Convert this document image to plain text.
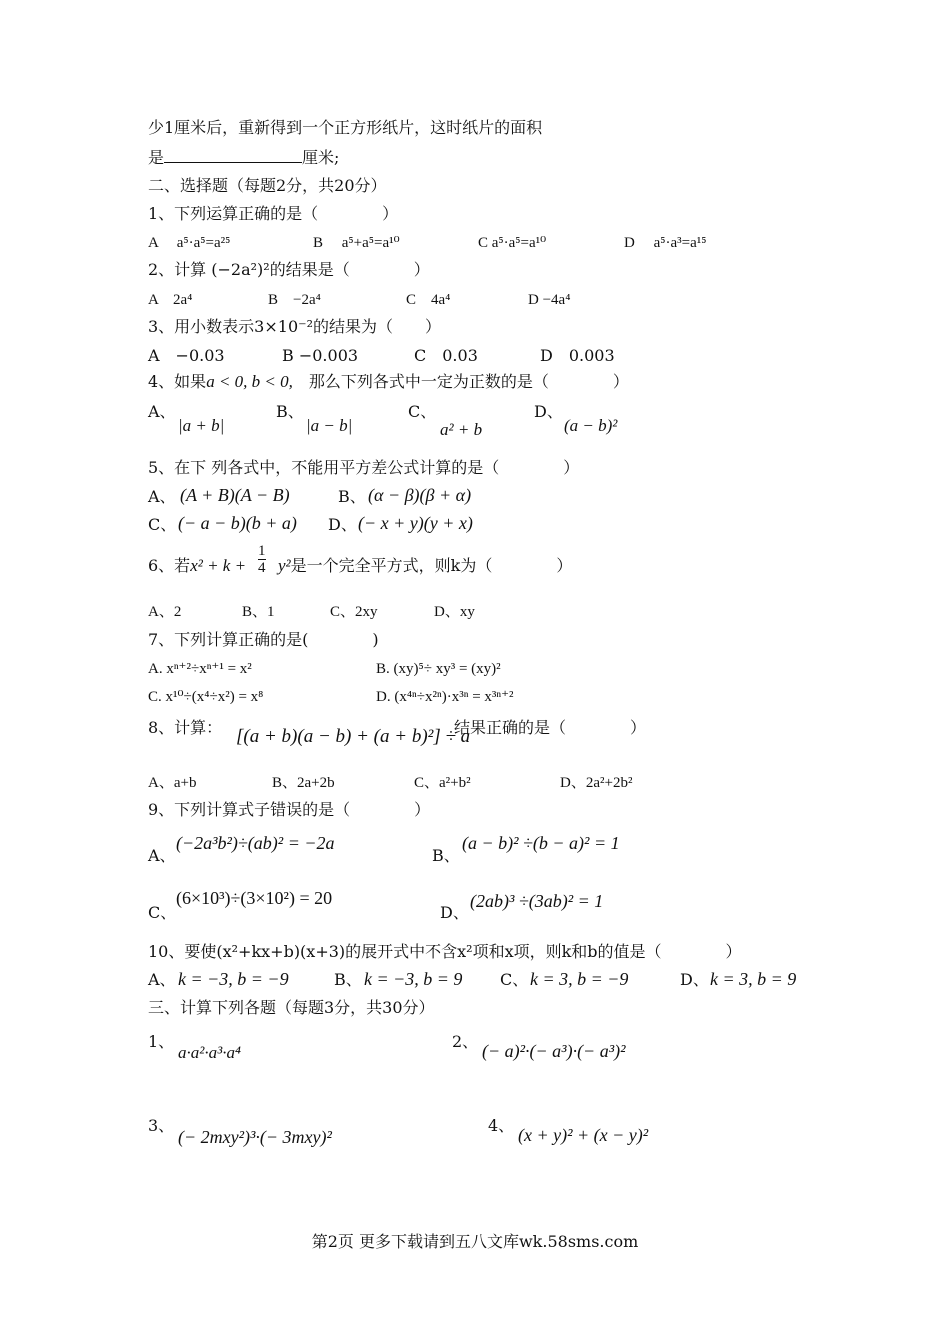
少1厘米后，重新得到一个正方形纸片，这时纸片的面积
是	厘米;
二、选择题（每题2分，共20分）
1、下列运算正确的是（　　　　）
A　 a⁵·a⁵=a²⁵	B　 a⁵+a⁵=a¹⁰	C a⁵·a⁵=a¹⁰	D　 a⁵·a³=a¹⁵
2、计算 (−2a²)²的结果是（　　　　）
A　2a⁴	B　−2a⁴	C　4a⁴	D −4a⁴
3、用小数表示3×10⁻²的结果为（　　）
A　−0.03	B −0.003	C　0.03	D　0.003
4、如果a < 0, b < 0,　那么下列各式中一定为正数的是（　　　　）
A、
|a + b|
B、
|a − b|
C、
a² + b
D、
(a − b)²
5、在下 列各式中，不能用平方差公式计算的是（　　　　）
A、 (A + B)(A − B)	B、 (α − β)(β + α)
C、 (− a − b)(b + a) D、 (− x + y)(y + x)
6、若$x^2 + k + \frac{1}{4} y^2$是一个完全平方式，则k为（　　　　）
A、2	B、1	C、2xy	D、xy
7、下列计算正确的是(　　　　)
A. xⁿ⁺²÷xⁿ⁺¹ = x²	B. (xy)⁵÷ xy³ = (xy)²
C. x¹⁰÷(x⁴÷x²) = x⁸	D. (x⁴ⁿ÷x²ⁿ)·x³ⁿ = x³ⁿ⁺²
8、计算： [(a + b)(a − b) + (a + b)²] ÷ a
结果正确的是（　　　　）
A、a+b	B、2a+2b	C、a²+b²	D、2a²+2b²
9、下列计算式子错误的是（　　　　）
A、
(−2a³b²)÷(ab)² = −2a
B、
(a − b)² ÷(b − a)² = 1
C、
(6×10³)÷(3×10²) = 20
D、
(2ab)³ ÷(3ab)² = 1
10、要使(x²+kx+b)(x+3)的展开式中不含x²项和x项，则k和b的值是（　　　　）
A、 k = −3, b = −9	B、 k = −3, b = 9 C、 k = 3, b = −9	D、 k = 3, b = 9
三、计算下列各题（每题3分，共30分）
1、
a·a²·a³·a⁴
2、 (− a)²·(− a³)·(− a³)²
3、
(− 2mxy²)³·(− 3mxy)²
4、 (x + y)² + (x − y)²
第2页 更多下载请到五八文库wk.58sms.com
